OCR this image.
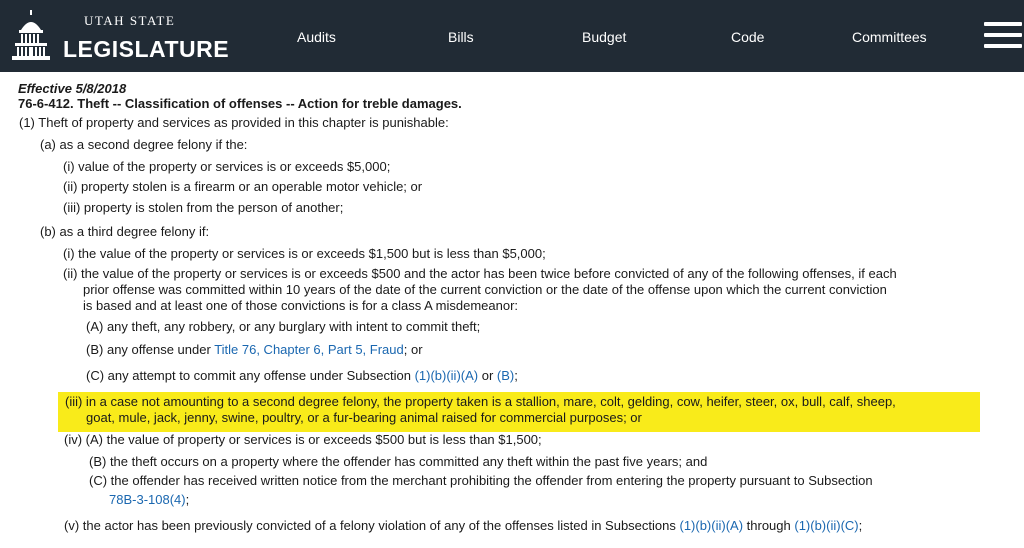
UTAH STATE
LEGISLATURE	Audits	Bills	Budget	Code	Committees
Effective 5/8/2018
76-6-412. Theft -- Classification of offenses -- Action for treble damages.
(1) Theft of property and services as provided in this chapter is punishable:
(a) as a second degree felony if the:
(i) value of the property or services is or exceeds $5,000;
(ii) property stolen is a firearm or an operable motor vehicle; or
(iii) property is stolen from the person of another;
(b) as a third degree felony if:
(i) the value of the property or services is or exceeds $1,500 but is less than $5,000;
(ii) the value of the property or services is or exceeds $500 and the actor has been twice before convicted of any of the following offenses, if each
prior offense was committed within 10 years of the date of the current conviction or the date of the offense upon which the current conviction
is based and at least one of those convictions is for a class A misdemeanor:
(A) any theft, any robbery, or any burglary with intent to commit theft;
(B) any offense under Title 76, Chapter 6, Part 5, Fraud; or
(C) any attempt to commit any offense under Subsection (1)(b)(ii)(A) or (B);
(iii) in a case not amounting to a second degree felony, the property taken is a stallion, mare, colt, gelding, cow, heifer, steer, ox, bull, calf, sheep,
goat, mule, jack, jenny, swine, poultry, or a fur-bearing animal raised for commercial purposes; or
(iv) (A) the value of property or services is or exceeds $500 but is less than $1,500;
(B) the theft occurs on a property where the offender has committed any theft within the past five years; and
(C) the offender has received written notice from the merchant prohibiting the offender from entering the property pursuant to Subsection
78B-3-108(4);
(v) the actor has been previously convicted of a felony violation of any of the offenses listed in Subsections (1)(b)(ii)(A) through (1)(b)(ii)(C);
